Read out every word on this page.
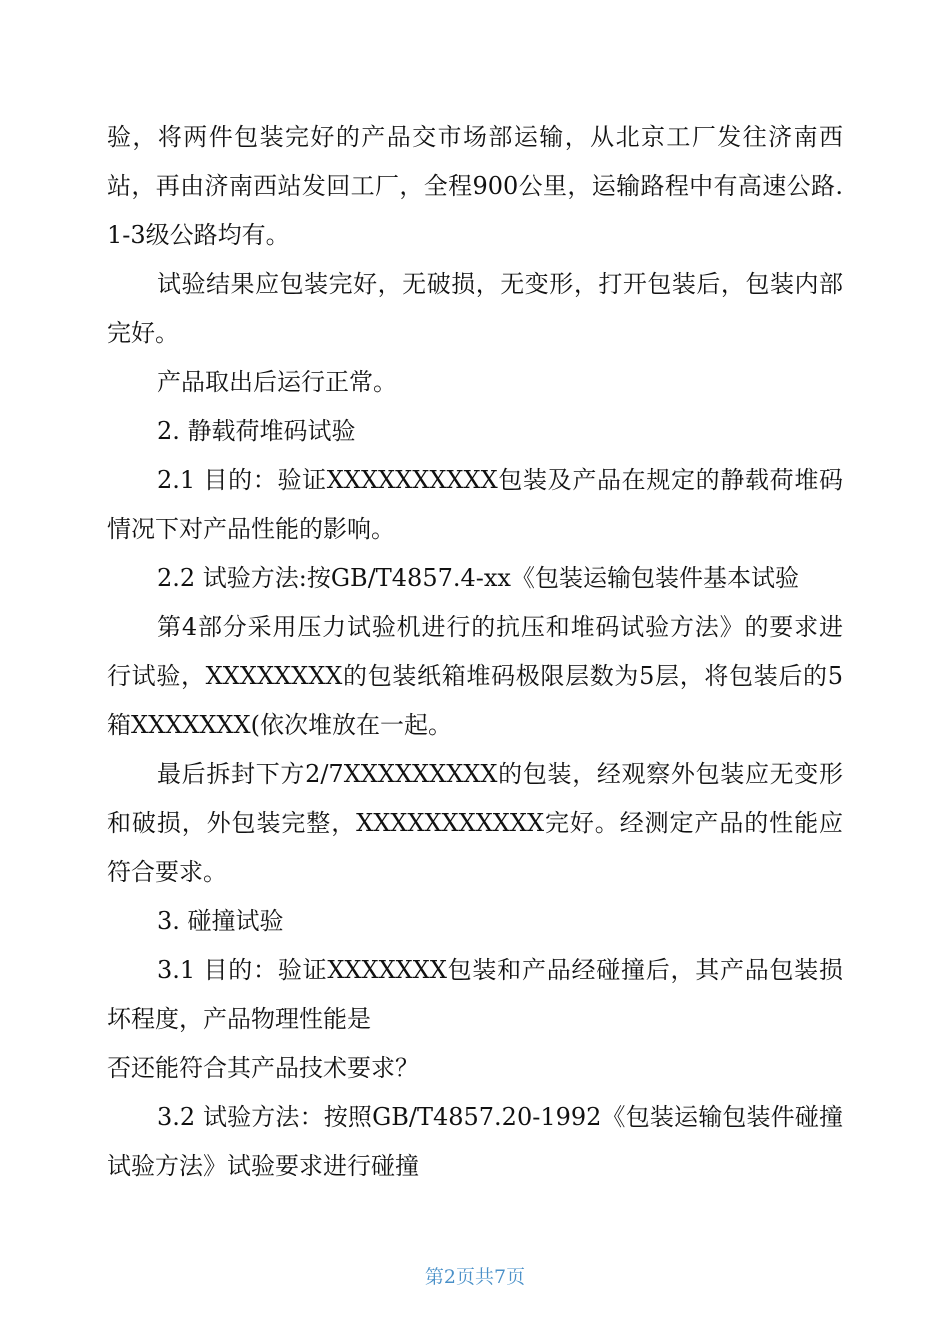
验，将两件包装完好的产品交市场部运输，从北京工厂发往济南西站，再由济南西站发回工厂，全程900公里，运输路程中有高速公路.1-3级公路均有。

试验结果应包装完好，无破损，无变形，打开包装后，包装内部完好。

产品取出后运行正常。

2. 静载荷堆码试验

2.1 目的：验证XXXXXXXXXX包装及产品在规定的静载荷堆码情况下对产品性能的影响。

2.2 试验方法:按GB/T4857.4-xx《包装运输包装件基本试验

第4部分采用压力试验机进行的抗压和堆码试验方法》的要求进行试验，XXXXXXXX的包装纸箱堆码极限层数为5层，将包装后的5箱XXXXXXX(依次堆放在一起。

最后拆封下方2/7XXXXXXXXX的包装，经观察外包装应无变形和破损，外包装完整，XXXXXXXXXXX完好。经测定产品的性能应符合要求。

3. 碰撞试验

3.1 目的：验证XXXXXXX包装和产品经碰撞后，其产品包装损坏程度，产品物理性能是

否还能符合其产品技术要求？

3.2 试验方法：按照GB/T4857.20-1992《包装运输包装件碰撞试验方法》试验要求进行碰撞

第2页共7页
